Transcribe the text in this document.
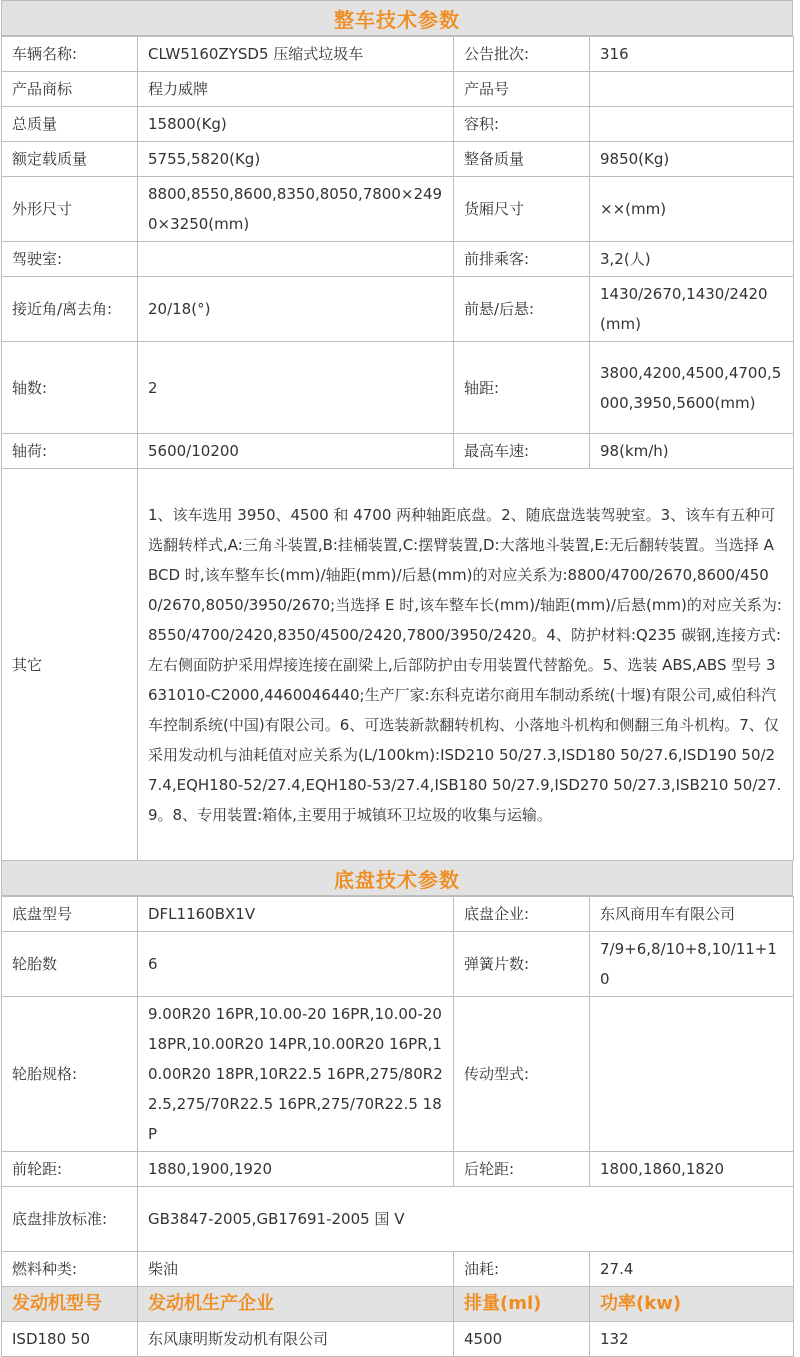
整车技术参数
车辆名称:	CLW5160ZYSD5 压缩式垃圾车	公告批次:	316
产品商标	程力威牌	产品号	
总质量	15800(Kg)	容积:	
额定载质量	5755,5820(Kg)	整备质量	9850(Kg)
外形尺寸	8800,8550,8600,8350,8050,7800×2490×3250(mm)	货厢尺寸	××(mm)
驾驶室:		前排乘客:	3,2(人)
接近角/离去角:	20/18(°)	前悬/后悬:	1430/2670,1430/2420(mm)
轴数:	2	轴距:	3800,4200,4500,4700,5000,3950,5600(mm)
轴荷:	5600/10200	最高车速:	98(km/h)
其它	1、该车选用 3950、4500 和 4700 两种轴距底盘。2、随底盘选装驾驶室。3、该车有五种可选翻转样式,A:三角斗装置,B:挂桶装置,C:摆臂装置,D:大落地斗装置,E:无后翻转装置。当选择 ABCD 时,该车整车长(mm)/轴距(mm)/后悬(mm)的对应关系为:8800/4700/2670,8600/4500/2670,8050/3950/2670;当选择 E 时,该车整车长(mm)/轴距(mm)/后悬(mm)的对应关系为:8550/4700/2420,8350/4500/2420,7800/3950/2420。4、防护材料:Q235 碳钢,连接方式:左右侧面防护采用焊接连接在副梁上,后部防护由专用装置代替豁免。5、选装 ABS,ABS 型号 3631010-C2000,4460046440;生产厂家:东科克诺尔商用车制动系统(十堰)有限公司,威伯科汽车控制系统(中国)有限公司。6、可选装新款翻转机构、小落地斗机构和侧翻三角斗机构。7、仅采用发动机与油耗值对应关系为(L/100km):ISD210 50/27.3,ISD180 50/27.6,ISD190 50/27.4,EQH180-52/27.4,EQH180-53/27.4,ISB180 50/27.9,ISD270 50/27.3,ISB210 50/27.9。8、专用装置:箱体,主要用于城镇环卫垃圾的收集与运输。		
底盘技术参数
底盘型号	DFL1160BX1V	底盘企业:	东风商用车有限公司
轮胎数	6	弹簧片数:	7/9+6,8/10+8,10/11+10
轮胎规格:	9.00R20 16PR,10.00-20 16PR,10.00-20 18PR,10.00R20 14PR,10.00R20 16PR,10.00R20 18PR,10R22.5 16PR,275/80R22.5,275/70R22.5 16PR,275/70R22.5 18P	传动型式:	
前轮距:	1880,1900,1920	后轮距:	1800,1860,1820
底盘排放标准:	GB3847-2005,GB17691-2005 国 V		
燃料种类:	柴油	油耗:	27.4
发动机型号	发动机生产企业	排量(ml)	功率(kw)
ISD180 50	东风康明斯发动机有限公司	4500	132
